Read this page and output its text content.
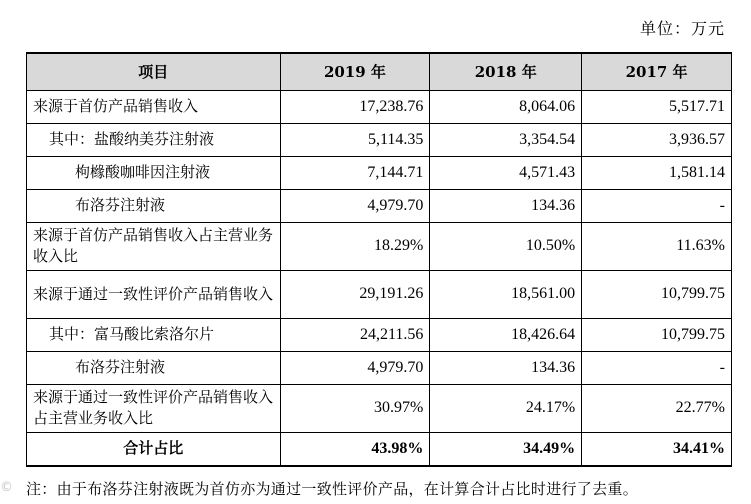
单位：万元
项目	2019 年	2018 年	2017 年
来源于首仿产品销售收入	17,238.76	8,064.06	5,517.71
其中：盐酸纳美芬注射液	5,114.35	3,354.54	3,936.57
枸橼酸咖啡因注射液	7,144.71	4,571.43	1,581.14
布洛芬注射液	4,979.70	134.36	-
来源于首仿产品销售收入占主营业务收入比	18.29%	10.50%	11.63%
来源于通过一致性评价产品销售收入	29,191.26	18,561.00	10,799.75
其中：富马酸比索洛尔片	24,211.56	18,426.64	10,799.75
布洛芬注射液	4,979.70	134.36	-
来源于通过一致性评价产品销售收入占主营业务收入比	30.97%	24.17%	22.77%
合计占比	43.98%	34.49%	34.41%
注：由于布洛芬注射液既为首仿亦为通过一致性评价产品，在计算合计占比时进行了去重。
©
